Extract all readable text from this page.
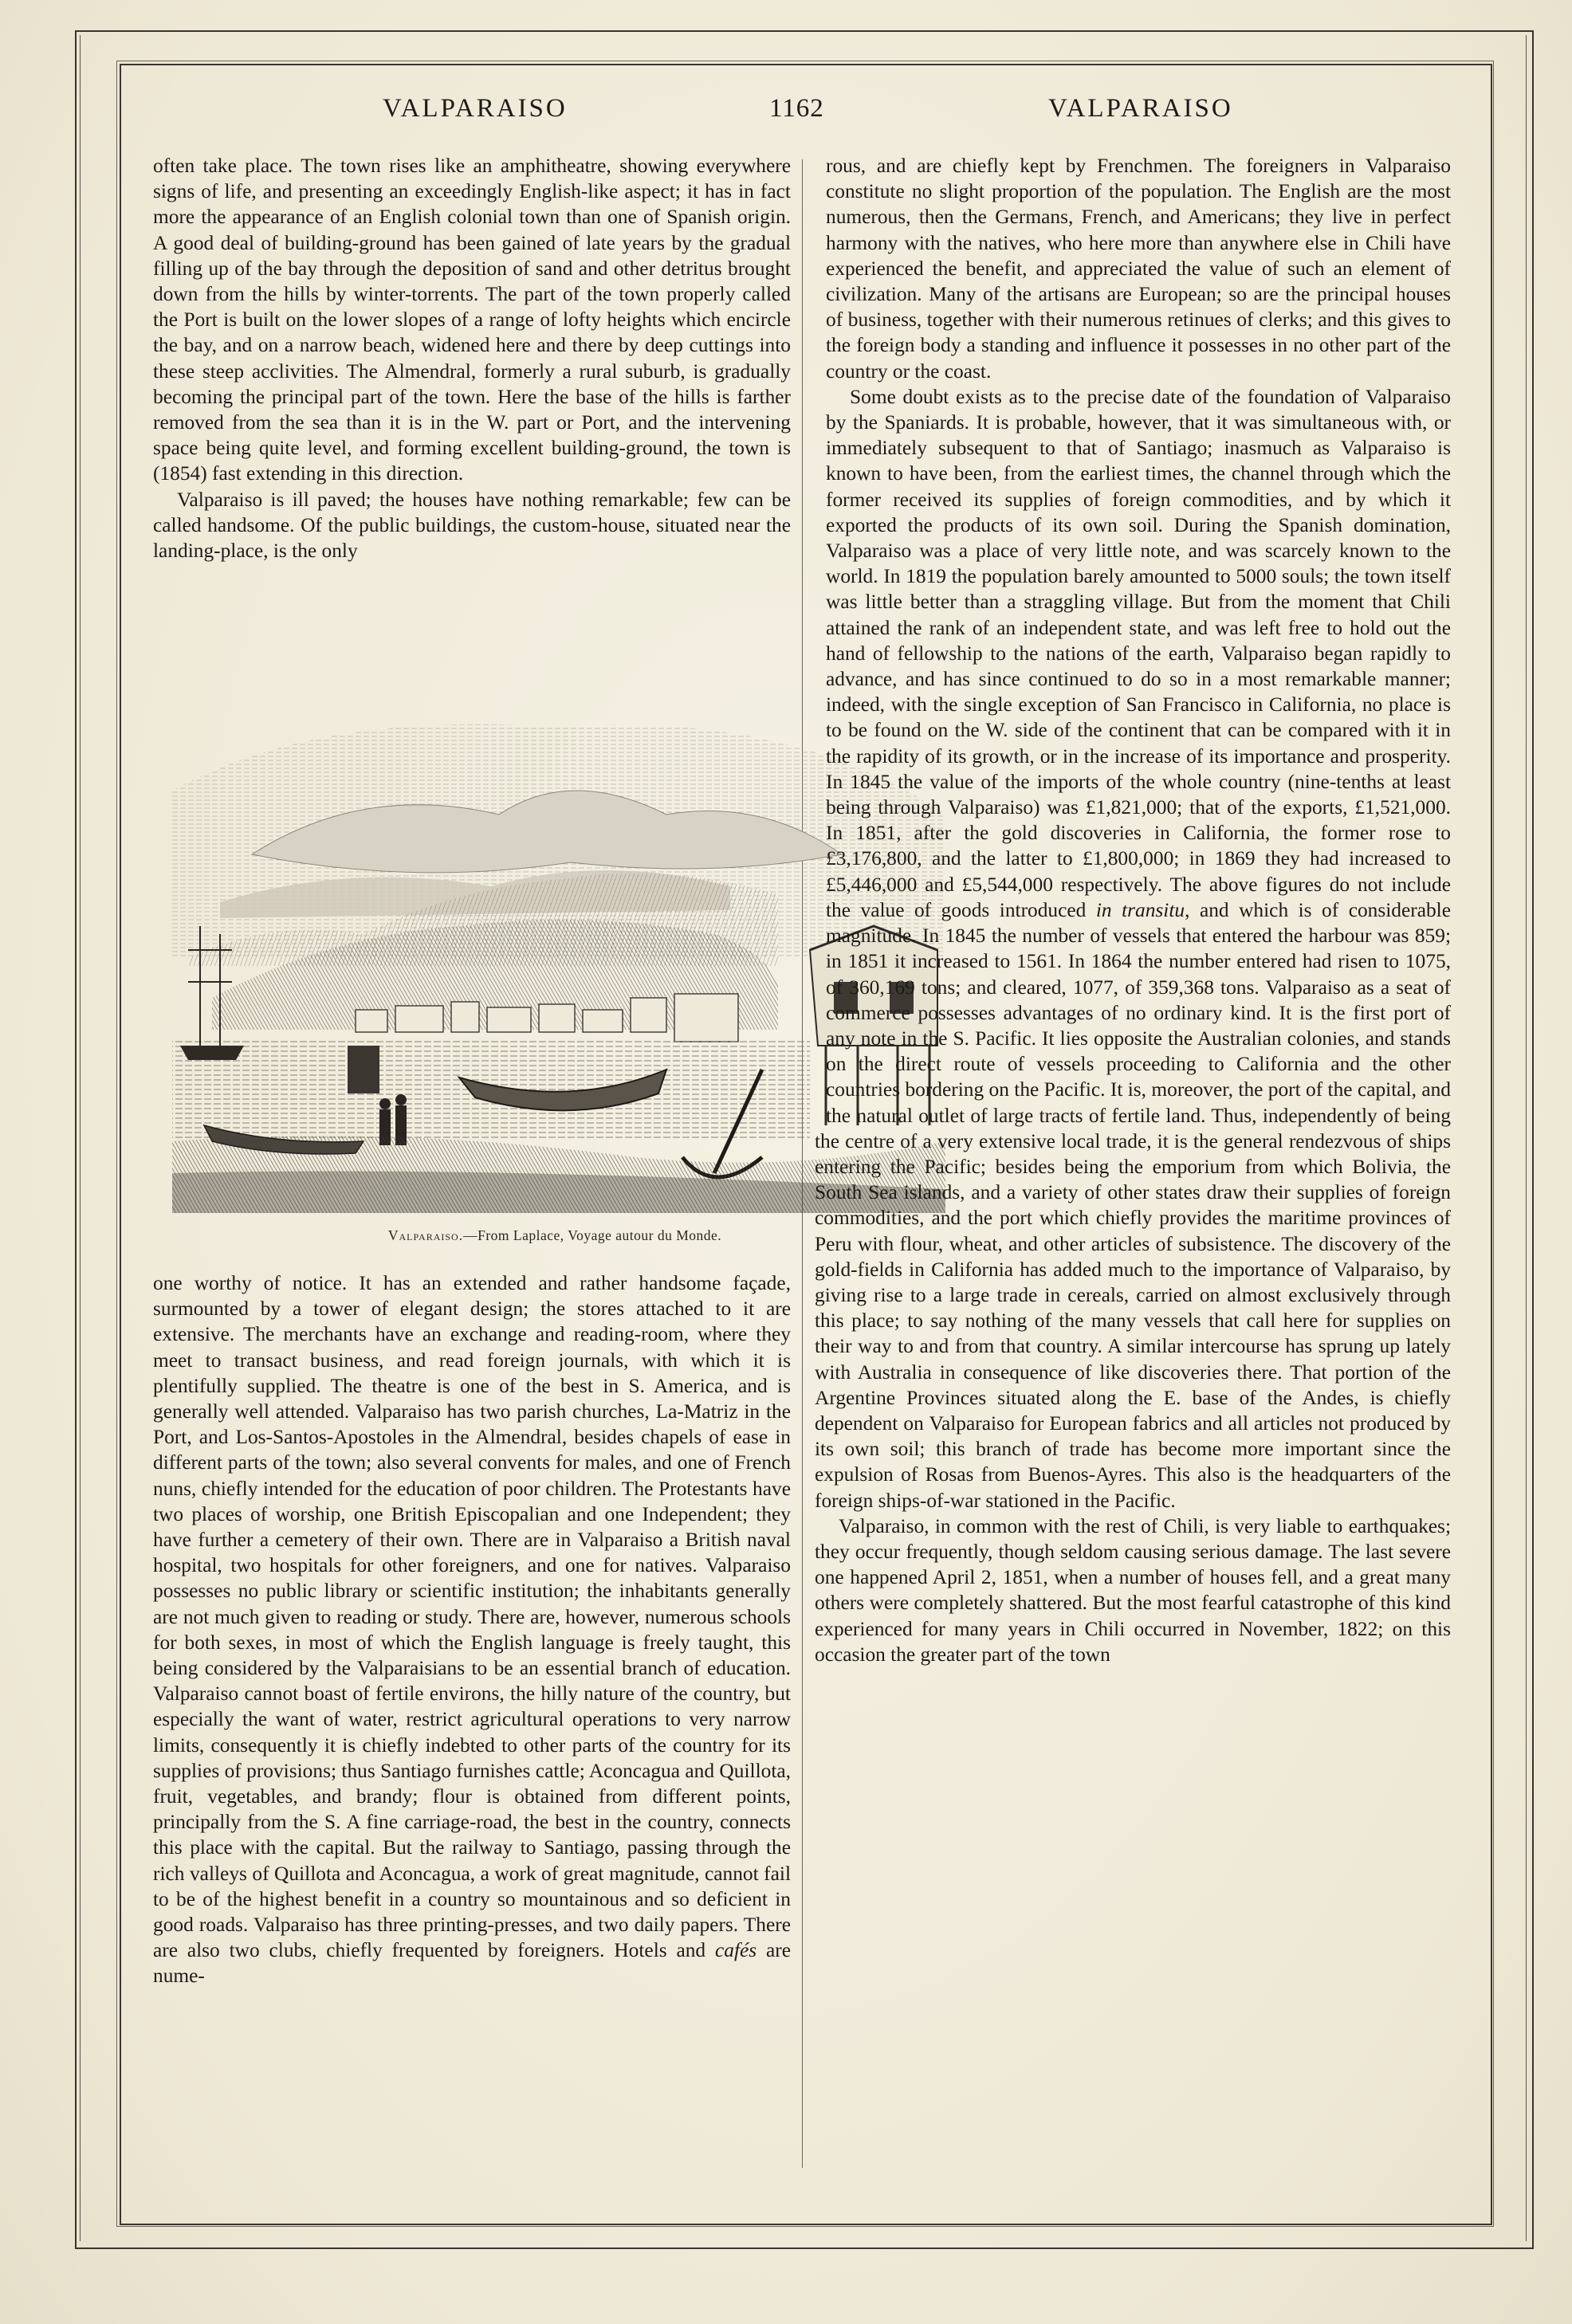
VALPARAISO	1162	VALPARAISO

often take place. The town rises like an amphitheatre, showing everywhere signs of life, and presenting an exceedingly English-like aspect; it has in fact more the appearance of an English colonial town than one of Spanish origin. A good deal of building-ground has been gained of late years by the gradual filling up of the bay through the deposition of sand and other detritus brought down from the hills by winter-torrents. The part of the town properly called the Port is built on the lower slopes of a range of lofty heights which encircle the bay, and on a narrow beach, widened here and there by deep cuttings into these steep acclivities. The Almendral, formerly a rural suburb, is gradually becoming the principal part of the town. Here the base of the hills is farther removed from the sea than it is in the W. part or Port, and the intervening space being quite level, and forming excellent building-ground, the town is (1854) fast extending in this direction.

Valparaiso is ill paved; the houses have nothing remarkable; few can be called handsome. Of the public buildings, the custom-house, situated near the landing-place, is the only

Valparaiso.—From Laplace, Voyage autour du Monde.

one worthy of notice. It has an extended and rather handsome façade, surmounted by a tower of elegant design; the stores attached to it are extensive. The merchants have an exchange and reading-room, where they meet to transact business, and read foreign journals, with which it is plentifully supplied. The theatre is one of the best in S. America, and is generally well attended. Valparaiso has two parish churches, La-Matriz in the Port, and Los-Santos-Apostoles in the Almendral, besides chapels of ease in different parts of the town; also several convents for males, and one of French nuns, chiefly intended for the education of poor children. The Protestants have two places of worship, one British Episcopalian and one Independent; they have further a cemetery of their own. There are in Valparaiso a British naval hospital, two hospitals for other foreigners, and one for natives. Valparaiso possesses no public library or scientific institution; the inhabitants generally are not much given to reading or study. There are, however, numerous schools for both sexes, in most of which the English language is freely taught, this being considered by the Valparaisians to be an essential branch of education. Valparaiso cannot boast of fertile environs, the hilly nature of the country, but especially the want of water, restrict agricultural operations to very narrow limits, consequently it is chiefly indebted to other parts of the country for its supplies of provisions; thus Santiago furnishes cattle; Aconcagua and Quillota, fruit, vegetables, and brandy; flour is obtained from different points, principally from the S. A fine carriage-road, the best in the country, connects this place with the capital. But the railway to Santiago, passing through the rich valleys of Quillota and Aconcagua, a work of great magnitude, cannot fail to be of the highest benefit in a country so mountainous and so deficient in good roads. Valparaiso has three printing-presses, and two daily papers. There are also two clubs, chiefly frequented by foreigners. Hotels and cafés are nume-

rous, and are chiefly kept by Frenchmen. The foreigners in Valparaiso constitute no slight proportion of the population. The English are the most numerous, then the Germans, French, and Americans; they live in perfect harmony with the natives, who here more than anywhere else in Chili have experienced the benefit, and appreciated the value of such an element of civilization. Many of the artisans are European; so are the principal houses of business, together with their numerous retinues of clerks; and this gives to the foreign body a standing and influence it possesses in no other part of the country or the coast.

Some doubt exists as to the precise date of the foundation of Valparaiso by the Spaniards. It is probable, however, that it was simultaneous with, or immediately subsequent to that of Santiago; inasmuch as Valparaiso is known to have been, from the earliest times, the channel through which the former received its supplies of foreign commodities, and by which it exported the products of its own soil. During the Spanish domination, Valparaiso was a place of very little note, and was scarcely known to the world. In 1819 the population barely amounted to 5000 souls; the town itself was little better than a straggling village. But from the moment that Chili attained the rank of an independent state, and was left free to hold out the hand of fellowship to the nations of the earth, Valparaiso began rapidly to advance, and has since continued to do so in a most remarkable manner; indeed, with the single exception of San Francisco in California, no place is to be found on the W. side of the continent that can be compared with it in the rapidity of its growth, or in the increase of its importance and prosperity. In 1845 the value of the imports of the whole country (nine-tenths at least being through Valparaiso) was £1,821,000; that of the exports, £1,521,000. In 1851, after the gold discoveries in California, the former rose to £3,176,800, and the latter to £1,800,000; in 1869 they had increased to £5,446,000 and £5,544,000 respectively. The above figures do not include the value of goods introduced in transitu, and which is of considerable magnitude. In 1845 the number of vessels that entered the harbour was 859; in 1851 it increased to 1561. In 1864 the number entered had risen to 1075, of 360,169 tons; and cleared, 1077, of 359,368 tons. Valparaiso as a seat of commerce possesses advantages of no ordinary kind. It is the first port of any note in the S. Pacific. It lies opposite the Australian colonies, and stands on the direct route of vessels proceeding to California and the other countries bordering on the Pacific. It is, moreover, the port of the capital, and the natural outlet of large tracts of fertile land. Thus, independently of being the centre of a very extensive local trade, it is the general rendezvous of ships entering the Pacific; besides being the emporium from which Bolivia, the South Sea islands, and a variety of other states draw their supplies of foreign commodities, and the port which chiefly provides the maritime provinces of Peru with flour, wheat, and other articles of subsistence. The discovery of the gold-fields in California has added much to the importance of Valparaiso, by giving rise to a large trade in cereals, carried on almost exclusively through this place; to say nothing of the many vessels that call here for supplies on their way to and from that country. A similar intercourse has sprung up lately with Australia in consequence of like discoveries there. That portion of the Argentine Provinces situated along the E. base of the Andes, is chiefly dependent on Valparaiso for European fabrics and all articles not produced by its own soil; this branch of trade has become more important since the expulsion of Rosas from Buenos-Ayres. This also is the headquarters of the foreign ships-of-war stationed in the Pacific.

Valparaiso, in common with the rest of Chili, is very liable to earthquakes; they occur frequently, though seldom causing serious damage. The last severe one happened April 2, 1851, when a number of houses fell, and a great many others were completely shattered. But the most fearful catastrophe of this kind experienced for many years in Chili occurred in November, 1822; on this occasion the greater part of the town
